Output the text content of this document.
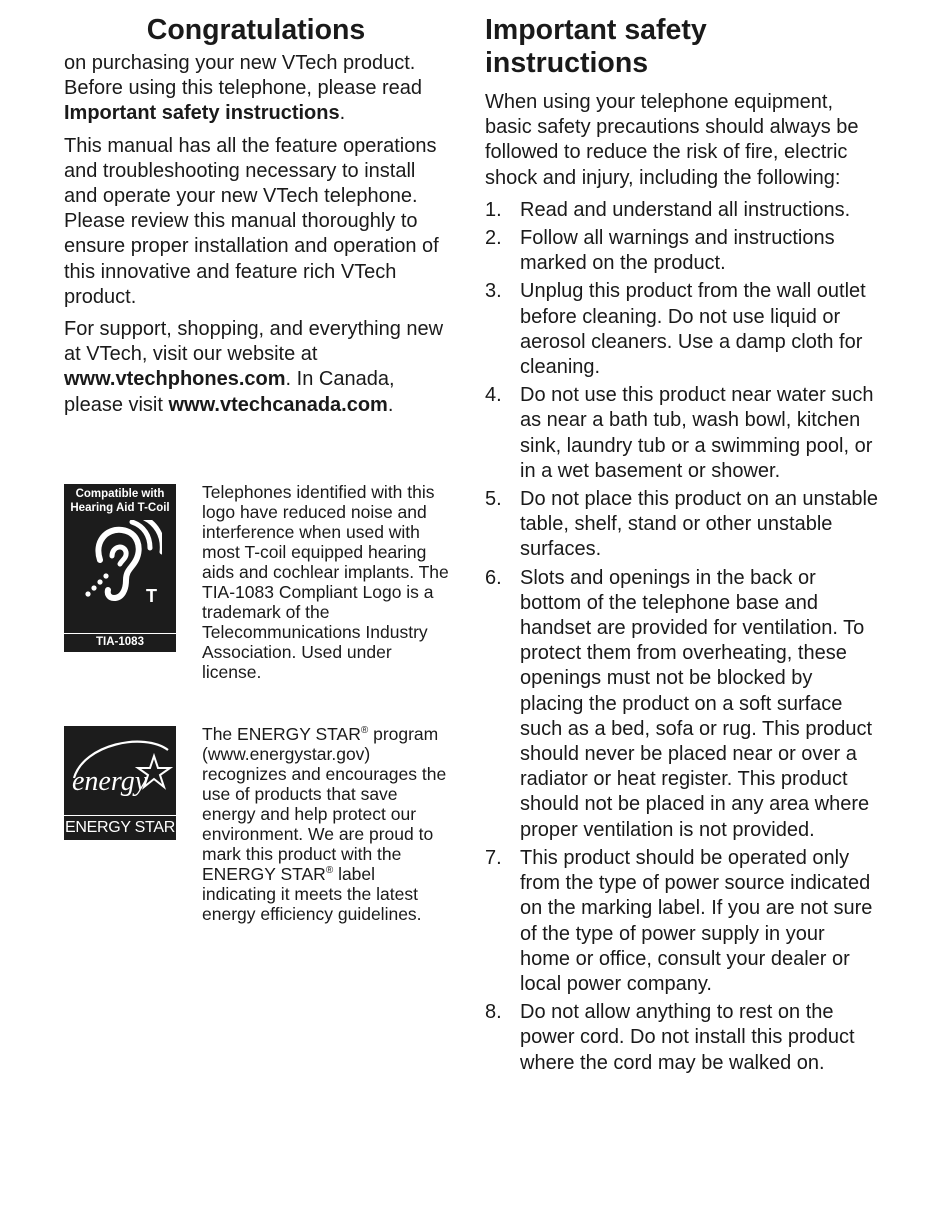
Congratulations

on purchasing your new VTech product. Before using this telephone, please read Important safety instructions.

This manual has all the feature operations and troubleshooting necessary to install and operate your new VTech telephone. Please review this manual thoroughly to ensure proper installation and operation of this innovative and feature rich VTech product.

For support, shopping, and everything new at VTech, visit our website at www.vtechphones.com. In Canada, please visit www.vtechcanada.com.

Compatible with Hearing Aid T-Coil
T
TIA-1083
Telephones identified with this logo have reduced noise and interference when used with most T-coil equipped hearing aids and cochlear implants. The TIA-1083 Compliant Logo is a trademark of the Telecommunications Industry Association. Used under license.
energy
ENERGY STAR
The ENERGY STAR® program (www.energystar.gov) recognizes and encourages the use of products that save energy and help protect our environment. We are proud to mark this product with the ENERGY STAR® label indicating it meets the latest energy efficiency guidelines.
Important safety
instructions

When using your telephone equipment, basic safety precautions should always be followed to reduce the risk of fire, electric shock and injury, including the following:

1. Read and understand all instructions.
2. Follow all warnings and instructions marked on the product.
3. Unplug this product from the wall outlet before cleaning. Do not use liquid or aerosol cleaners. Use a damp cloth for cleaning.
4. Do not use this product near water such as near a bath tub, wash bowl, kitchen sink, laundry tub or a swimming pool, or in a wet basement or shower.
5. Do not place this product on an unstable table, shelf, stand or other unstable surfaces.
6. Slots and openings in the back or bottom of the telephone base and handset are provided for ventilation. To protect them from overheating, these openings must not be blocked by placing the product on a soft surface such as a bed, sofa or rug. This product should never be placed near or over a radiator or heat register. This product should not be placed in any area where proper ventilation is not provided.
7. This product should be operated only from the type of power source indicated on the marking label. If you are not sure of the type of power supply in your home or office, consult your dealer or local power company.
8. Do not allow anything to rest on the power cord. Do not install this product where the cord may be walked on.
